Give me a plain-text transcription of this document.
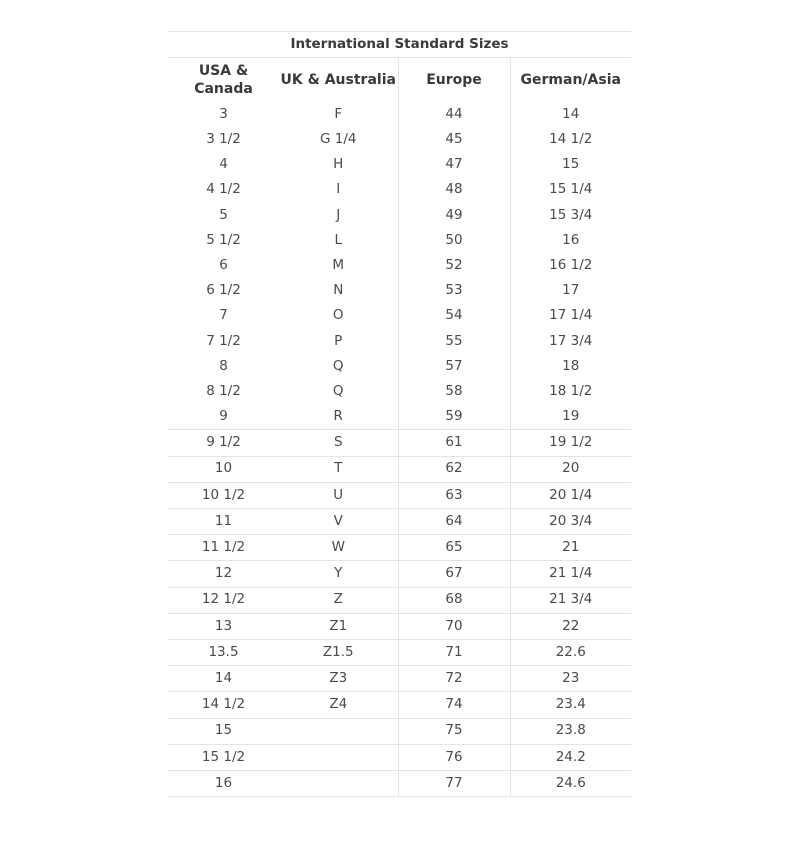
International Standard Sizes			

USA &
Canada	UK & Australia	Europe	German/Asia
3	F	44	14
3 1/2	G 1/4	45	14 1/2
4	H	47	15
4 1/2	I	48	15 1/4
5	J	49	15 3/4
5 1/2	L	50	16
6	M	52	16 1/2
6 1/2	N	53	17
7	O	54	17 1/4
7 1/2	P	55	17 3/4
8	Q	57	18
8 1/2	Q	58	18 1/2
9	R	59	19
9 1/2	S	61	19 1/2
10	T	62	20
10 1/2	U	63	20 1/4
11	V	64	20 3/4
11 1/2	W	65	21
12	Y	67	21 1/4
12 1/2	Z	68	21 3/4
13	Z1	70	22
13.5	Z1.5	71	22.6
14	Z3	72	23
14 1/2	Z4	74	23.4
15		75	23.8
15 1/2		76	24.2
16		77	24.6
